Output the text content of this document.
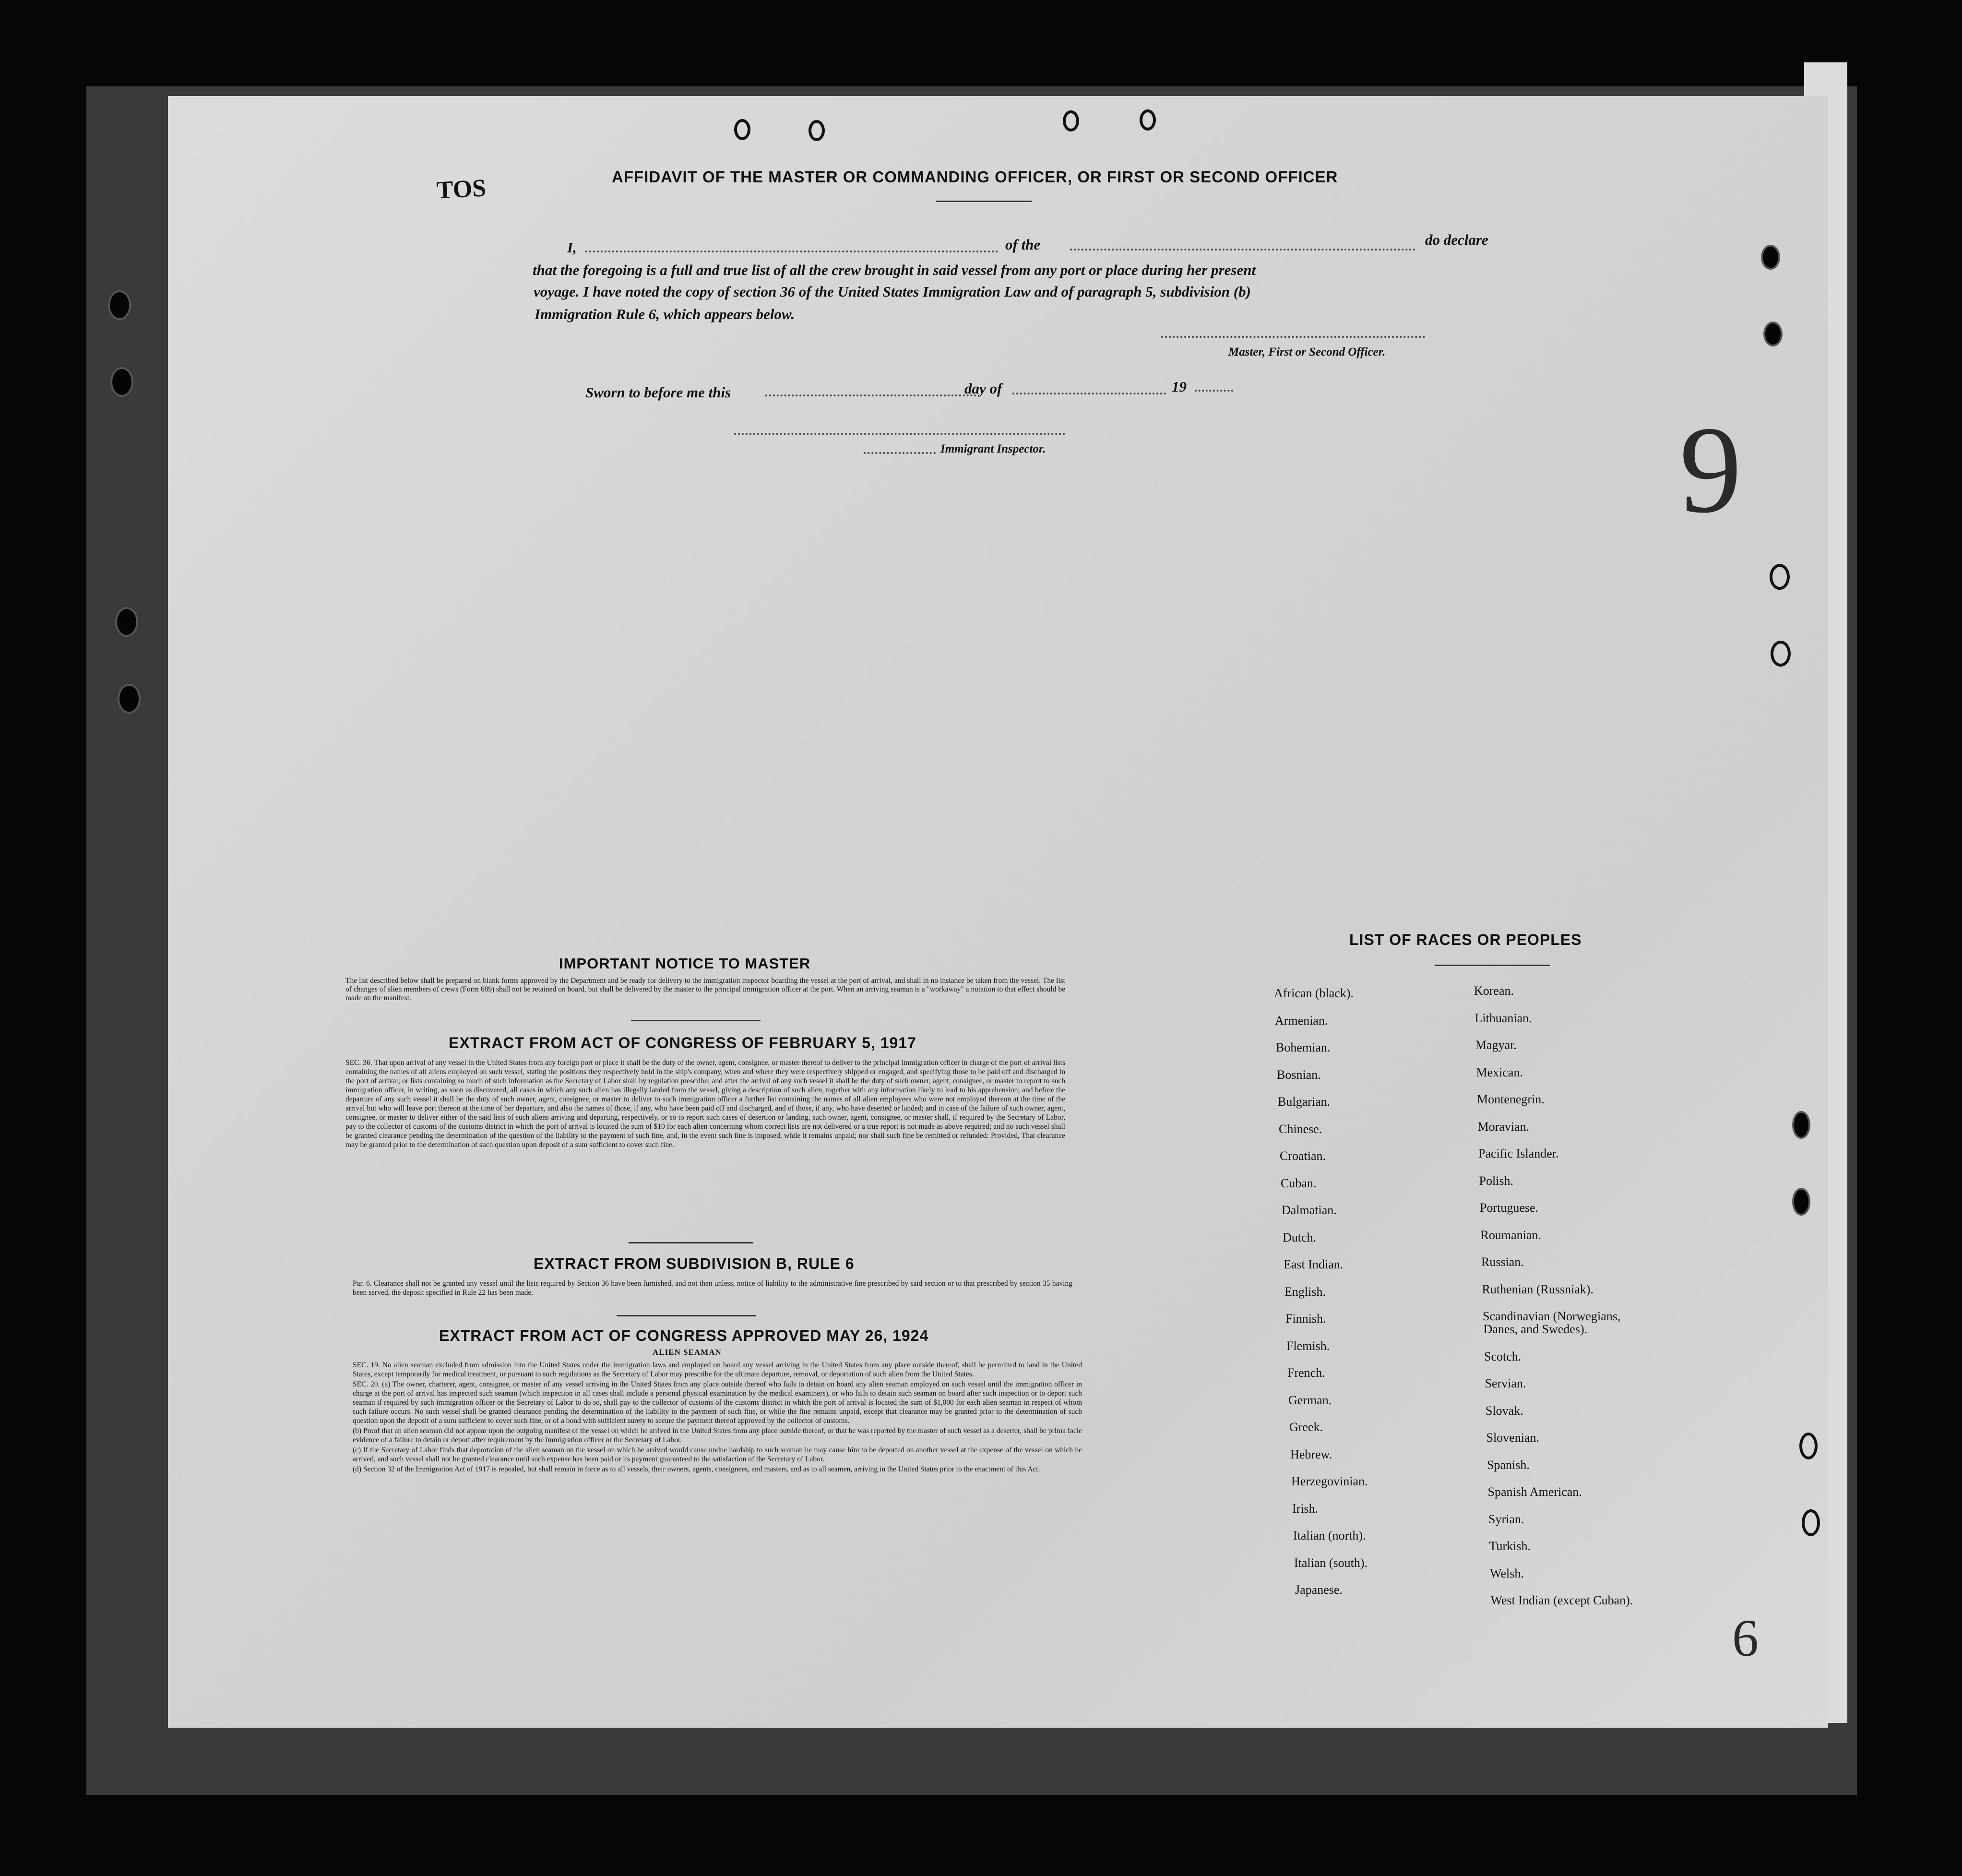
TOS
9
6
AFFIDAVIT OF THE MASTER OR COMMANDING OFFICER, OR FIRST OR SECOND OFFICER
I,	of the	do declare
that the foregoing is a full and true list of all the crew brought in said vessel from any port or place during her present
voyage. I have noted the copy of section 36 of the United States Immigration Law and of paragraph 5, subdivision (b)
Immigration Rule 6, which appears below.
Master, First or Second Officer.
Sworn to before me this	day of	19
Immigrant Inspector.
IMPORTANT NOTICE TO MASTER
The list described below shall be prepared on blank forms approved by the Department and be ready for delivery to the immigration inspector boarding the vessel at the port of arrival, and shall in no instance be taken from the vessel. The list of changes of alien members of crews (Form 689) shall not be retained on board, but shall be delivered by the master to the principal immigration officer at the port. When an arriving seaman is a "workaway" a notation to that effect should be made on the manifest.
EXTRACT FROM ACT OF CONGRESS OF FEBRUARY 5, 1917
SEC. 36. That upon arrival of any vessel in the United States from any foreign port or place it shall be the duty of the owner, agent, consignee, or master thereof to deliver to the principal immigration officer in charge of the port of arrival lists containing the names of all aliens employed on such vessel, stating the positions they respectively hold in the ship's company, when and where they were respectively shipped or engaged, and specifying those to be paid off and discharged in the port of arrival; or lists containing so much of such information as the Secretary of Labor shall by regulation prescribe; and after the arrival of any such vessel it shall be the duty of such owner, agent, consignee, or master to report to such immigration officer, in writing, as soon as discovered, all cases in which any such alien has illegally landed from the vessel, giving a description of such alien, together with any information likely to lead to his apprehension; and before the departure of any such vessel it shall be the duty of such owner, agent, consignee, or master to deliver to such immigration officer a further list containing the names of all alien employees who were not employed thereon at the time of the arrival but who will leave port thereon at the time of her departure, and also the names of those, if any, who have been paid off and discharged, and of those, if any, who have deserted or landed; and in case of the failure of such owner, agent, consignee, or master to deliver either of the said lists of such aliens arriving and departing, respectively, or so to report such cases of desertion or landing, such owner, agent, consignee, or master shall, if required by the Secretary of Labor, pay to the collector of customs of the customs district in which the port of arrival is located the sum of $10 for each alien concerning whom correct lists are not delivered or a true report is not made as above required; and no such vessel shall be granted clearance pending the determination of the question of the liability to the payment of such fine, and, in the event such fine is imposed, while it remains unpaid; nor shall such fine be remitted or refunded: Provided, That clearance may be granted prior to the determination of such question upon deposit of a sum sufficient to cover such fine.
EXTRACT FROM SUBDIVISION B, RULE 6
Par. 6. Clearance shall not be granted any vessel until the lists required by Section 36 have been furnished, and not then unless, notice of liability to the administrative fine prescribed by said section or to that prescribed by section 35 having been served, the deposit specified in Rule 22 has been made.
EXTRACT FROM ACT OF CONGRESS APPROVED MAY 26, 1924
ALIEN SEAMAN
SEC. 19. No alien seaman excluded from admission into the United States under the immigration laws and employed on board any vessel arriving in the United States from any place outside thereof, shall be permitted to land in the United States, except temporarily for medical treatment, or pursuant to such regulations as the Secretary of Labor may prescribe for the ultimate departure, removal, or deportation of such alien from the United States.
SEC. 20. (a) The owner, charterer, agent, consignee, or master of any vessel arriving in the United States from any place outside thereof who fails to detain on board any alien seaman employed on such vessel until the immigration officer in charge at the port of arrival has inspected such seaman (which inspection in all cases shall include a personal physical examination by the medical examiners), or who fails to detain such seaman on board after such inspection or to deport such seaman if required by such immigration officer or the Secretary of Labor to do so, shall pay to the collector of customs of the customs district in which the port of arrival is located the sum of $1,000 for each alien seaman in respect of whom such failure occurs. No such vessel shall be granted clearance pending the determination of the liability to the payment of such fine, or while the fine remains unpaid, except that clearance may be granted prior to the determination of such question upon the deposit of a sum sufficient to cover such fine, or of a bond with sufficient surety to secure the payment thereof approved by the collector of customs.
(b) Proof that an alien seaman did not appear upon the outgoing manifest of the vessel on which he arrived in the United States from any place outside thereof, or that he was reported by the master of such vessel as a deserter, shall be prima facie evidence of a failure to detain or deport after requirement by the immigration officer or the Secretary of Labor.
(c) If the Secretary of Labor finds that deportation of the alien seaman on the vessel on which he arrived would cause undue hardship to such seaman he may cause him to be deported on another vessel at the expense of the vessel on which he arrived, and such vessel shall not be granted clearance until such expense has been paid or its payment guaranteed to the satisfaction of the Secretary of Labor.
(d) Section 32 of the Immigration Act of 1917 is repealed, but shall remain in force as to all vessels, their owners, agents, consignees, and masters, and as to all seamen, arriving in the United States prior to the enactment of this Act.
LIST OF RACES OR PEOPLES
African (black).
Armenian.
Bohemian.
Bosnian.
Bulgarian.
Chinese.
Croatian.
Cuban.
Dalmatian.
Dutch.
East Indian.
English.
Finnish.
Flemish.
French.
German.
Greek.
Hebrew.
Herzegovinian.
Irish.
Italian (north).
Italian (south).
Japanese.
Korean.
Lithuanian.
Magyar.
Mexican.
Montenegrin.
Moravian.
Pacific Islander.
Polish.
Portuguese.
Roumanian.
Russian.
Ruthenian (Russniak).
Scandinavian (Norwegians,
Danes, and Swedes).
Scotch.
Servian.
Slovak.
Slovenian.
Spanish.
Spanish American.
Syrian.
Turkish.
Welsh.
West Indian (except Cuban).
